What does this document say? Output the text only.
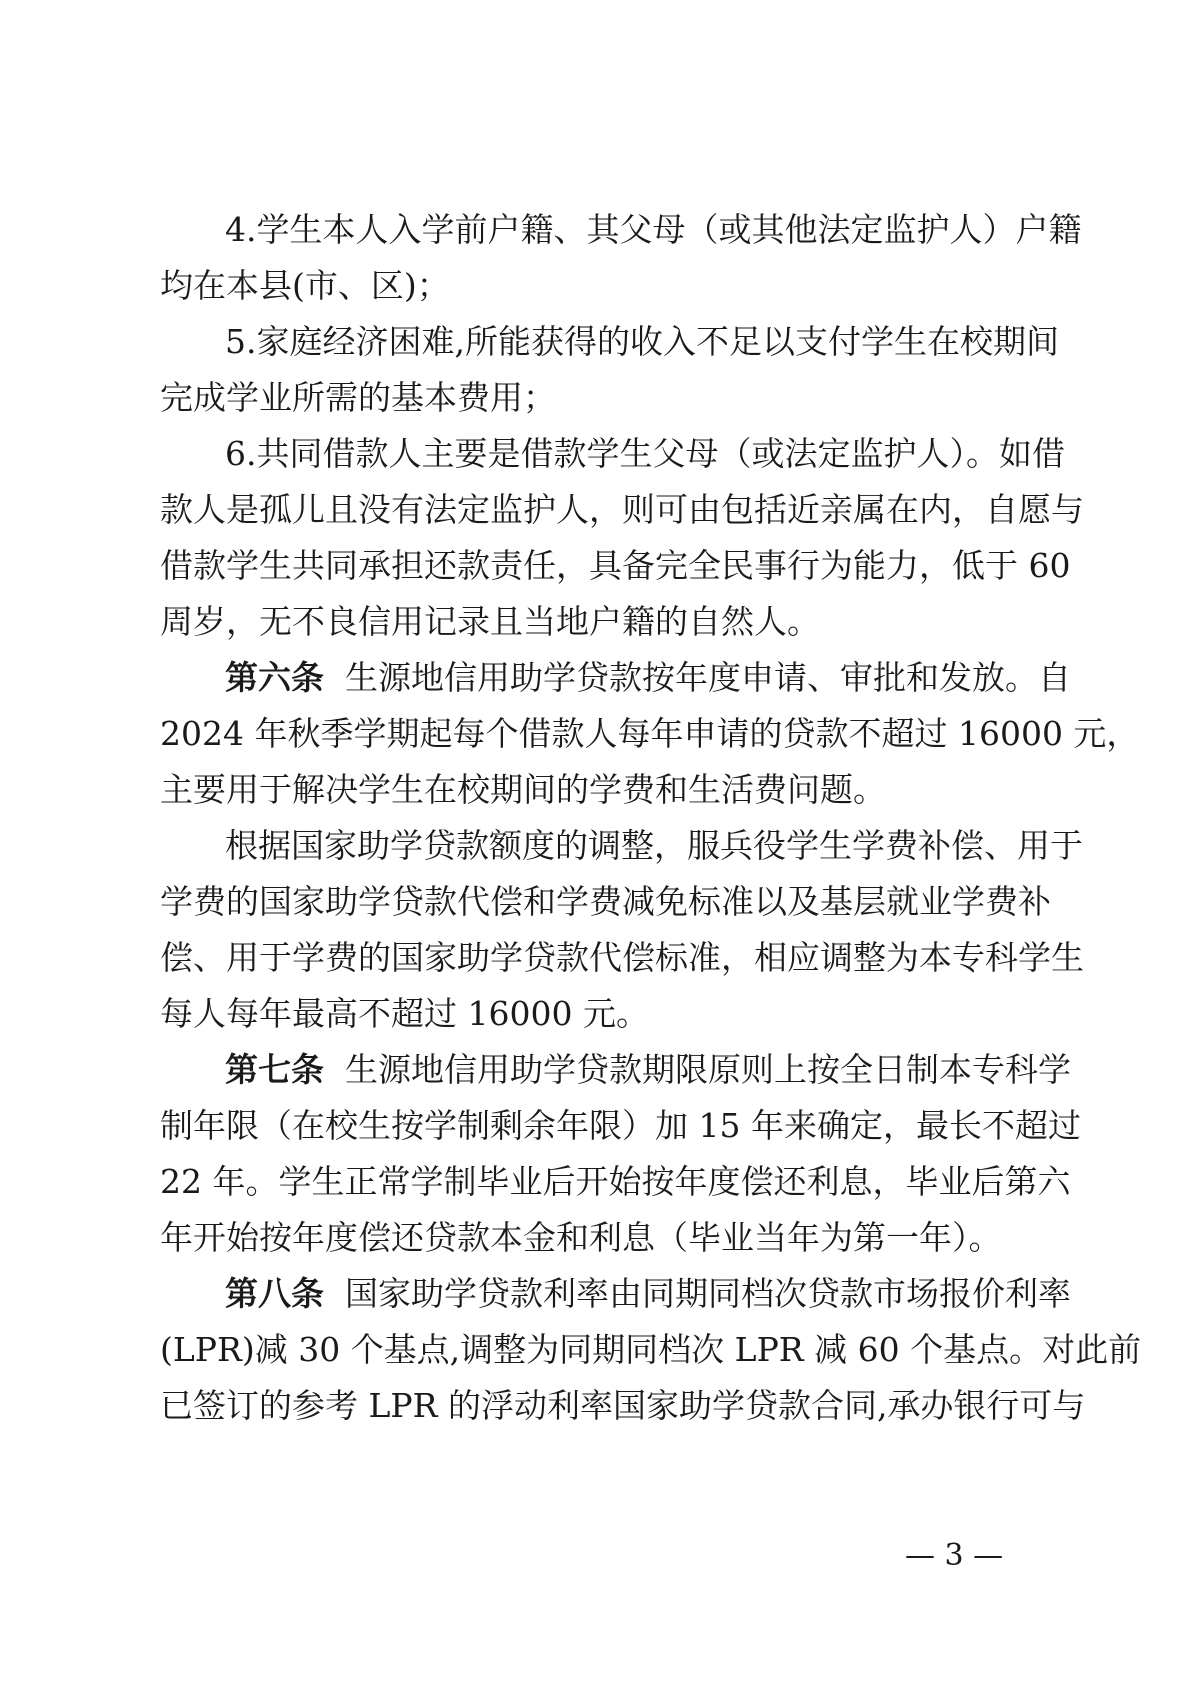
4.学生本人入学前户籍、其父母（或其他法定监护人）户籍
均在本县(市、区)；
5.家庭经济困难,所能获得的收入不足以支付学生在校期间
完成学业所需的基本费用；
6.共同借款人主要是借款学生父母（或法定监护人）。如借
款人是孤儿且没有法定监护人，则可由包括近亲属在内，自愿与
借款学生共同承担还款责任，具备完全民事行为能力，低于 60
周岁，无不良信用记录且当地户籍的自然人。
第六条 生源地信用助学贷款按年度申请、审批和发放。自
2024 年秋季学期起每个借款人每年申请的贷款不超过 16000 元，
主要用于解决学生在校期间的学费和生活费问题。
根据国家助学贷款额度的调整，服兵役学生学费补偿、用于
学费的国家助学贷款代偿和学费减免标准以及基层就业学费补
偿、用于学费的国家助学贷款代偿标准，相应调整为本专科学生
每人每年最高不超过 16000 元。
第七条 生源地信用助学贷款期限原则上按全日制本专科学
制年限（在校生按学制剩余年限）加 15 年来确定，最长不超过
22 年。学生正常学制毕业后开始按年度偿还利息，毕业后第六
年开始按年度偿还贷款本金和利息（毕业当年为第一年）。
第八条 国家助学贷款利率由同期同档次贷款市场报价利率
(LPR)减 30 个基点,调整为同期同档次 LPR 减 60 个基点。对此前
已签订的参考 LPR 的浮动利率国家助学贷款合同,承办银行可与
— 3 —
